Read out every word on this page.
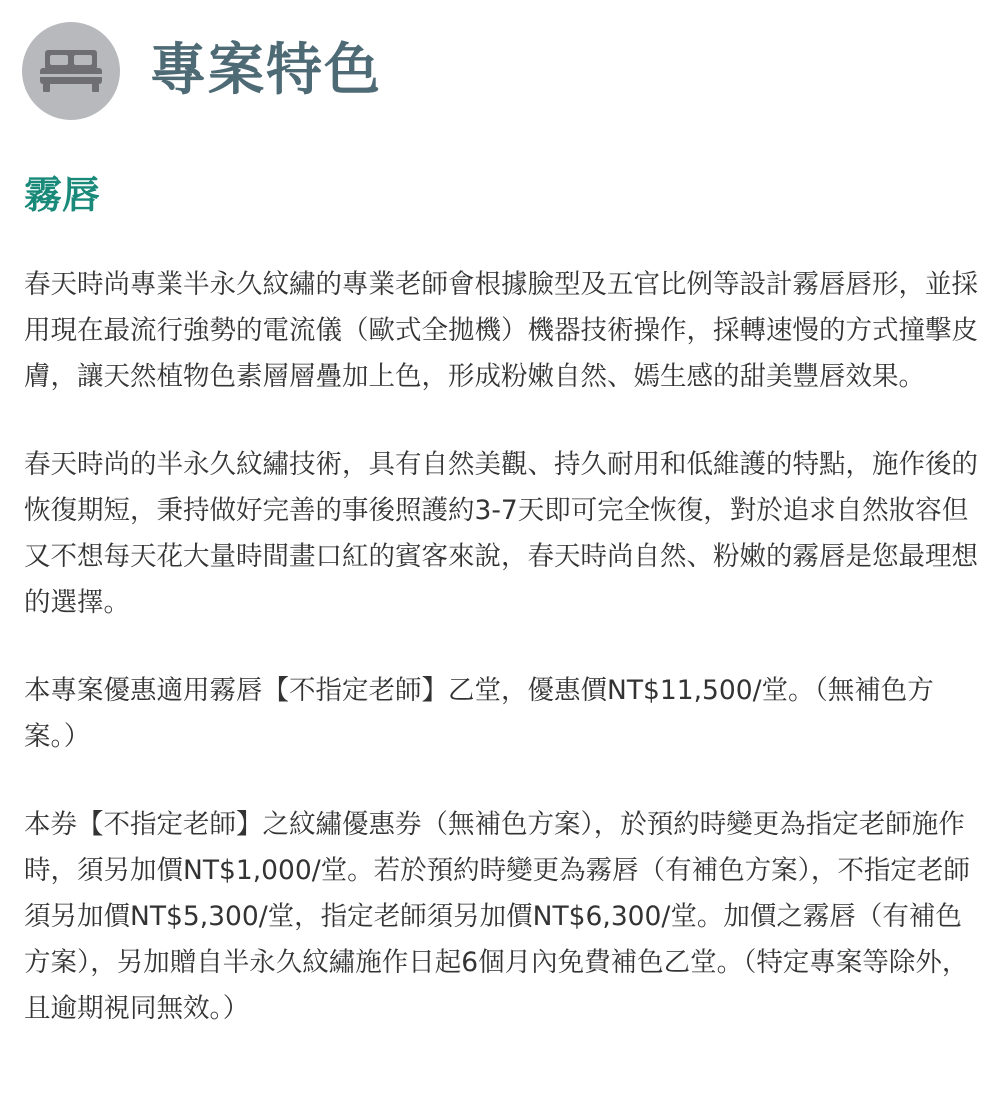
專案特色
霧唇

春天時尚專業半永久紋繡的專業老師會根據臉型及五官比例等設計霧唇唇形，並採用現在最流行強勢的電流儀（歐式全拋機）機器技術操作，採轉速慢的方式撞擊皮膚，讓天然植物色素層層疊加上色，形成粉嫩自然、嫣生感的甜美豐唇效果。

春天時尚的半永久紋繡技術，具有自然美觀、持久耐用和低維護的特點，施作後的恢復期短，秉持做好完善的事後照護約3-7天即可完全恢復，對於追求自然妝容但又不想每天花大量時間畫口紅的賓客來說，春天時尚自然、粉嫩的霧唇是您最理想的選擇。

本專案優惠適用霧唇【不指定老師】乙堂，優惠價NT$11,500/堂。（無補色方案。）

本券【不指定老師】之紋繡優惠券（無補色方案），於預約時變更為指定老師施作時，須另加價NT$1,000/堂。若於預約時變更為霧唇（有補色方案），不指定老師須另加價NT$5,300/堂，指定老師須另加價NT$6,300/堂。加價之霧唇（有補色方案），另加贈自半永久紋繡施作日起6個月內免費補色乙堂。（特定專案等除外，且逾期視同無效。）
